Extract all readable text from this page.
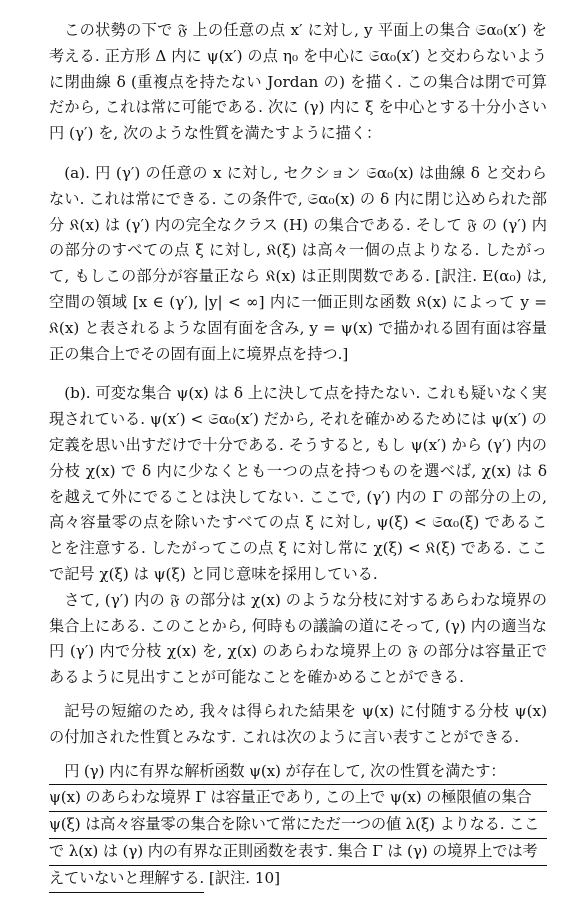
この状勢の下で 𝔉 上の任意の点 x′ に対し, y 平面上の集合 𝔖α₀(x′) を考える. 正方形 Δ 内に ψ(x′) の点 η₀ を中心に 𝔖α₀(x′) と交わらないように閉曲線 δ (重複点を持たない Jordan の) を描く. この集合は閉で可算だから, これは常に可能である. 次に (γ) 内に ξ を中心とする十分小さい円 (γ′) を, 次のような性質を満たすように描く：

(a). 円 (γ′) の任意の x に対し, セクション 𝔖α₀(x) は曲線 δ と交わらない. これは常にできる. この条件で, 𝔖α₀(x) の δ 内に閉じ込められた部分 𝔎(x) は (γ′) 内の完全なクラス (H) の集合である. そして 𝔉 の (γ′) 内の部分のすべての点 ξ に対し, 𝔎(ξ) は高々一個の点よりなる. したがって, もしこの部分が容量正なら 𝔎(x) は正則関数である. [訳注. E(α₀) は, 空間の領域 [x ∈ (γ′), |y| < ∞] 内に一価正則な函数 𝔎(x) によって y = 𝔎(x) と表されるような固有面を含み, y = ψ(x) で描かれる固有面は容量正の集合上でその固有面上に境界点を持つ.]

(b). 可変な集合 ψ(x) は δ 上に決して点を持たない. これも疑いなく実現されている. ψ(x′) < 𝔖α₀(x′) だから, それを確かめるためには ψ(x′) の定義を思い出すだけで十分である. そうすると, もし ψ(x′) から (γ′) 内の分枝 χ(x) で δ 内に少なくとも一つの点を持つものを選べば, χ(x) は δ を越えて外にでることは決してない. ここで, (γ′) 内の Γ の部分の上の, 高々容量零の点を除いたすべての点 ξ に対し, ψ(ξ) < 𝔖α₀(ξ) であることを注意する. したがってこの点 ξ に対し常に χ(ξ) < 𝔎(ξ) である. ここで記号 χ(ξ) は ψ(ξ) と同じ意味を採用している.

さて, (γ′) 内の 𝔉 の部分は χ(x) のような分枝に対するあらわな境界の集合上にある. このことから, 何時もの議論の道にそって, (γ) 内の適当な円 (γ′) 内で分枝 χ(x) を, χ(x) のあらわな境界上の 𝔉 の部分は容量正であるように見出すことが可能なことを確かめることができる.

記号の短縮のため, 我々は得られた結果を ψ(x) に付随する分枝 ψ(x) の付加された性質とみなす. これは次のように言い表すことができる.

円 (γ) 内に有界な解析函数 ψ(x) が存在して, 次の性質を満たす：
ψ(x) のあらわな境界 Γ は容量正であり, この上で ψ(x) の極限値の集合
ψ(ξ) は高々容量零の集合を除いて常にただ一つの値 λ(ξ) よりなる. ここ
で λ(x) は (γ) 内の有界な正則函数を表す. 集合 Γ は (γ) の境界上では考
えていないと理解する. [訳注. 10]
